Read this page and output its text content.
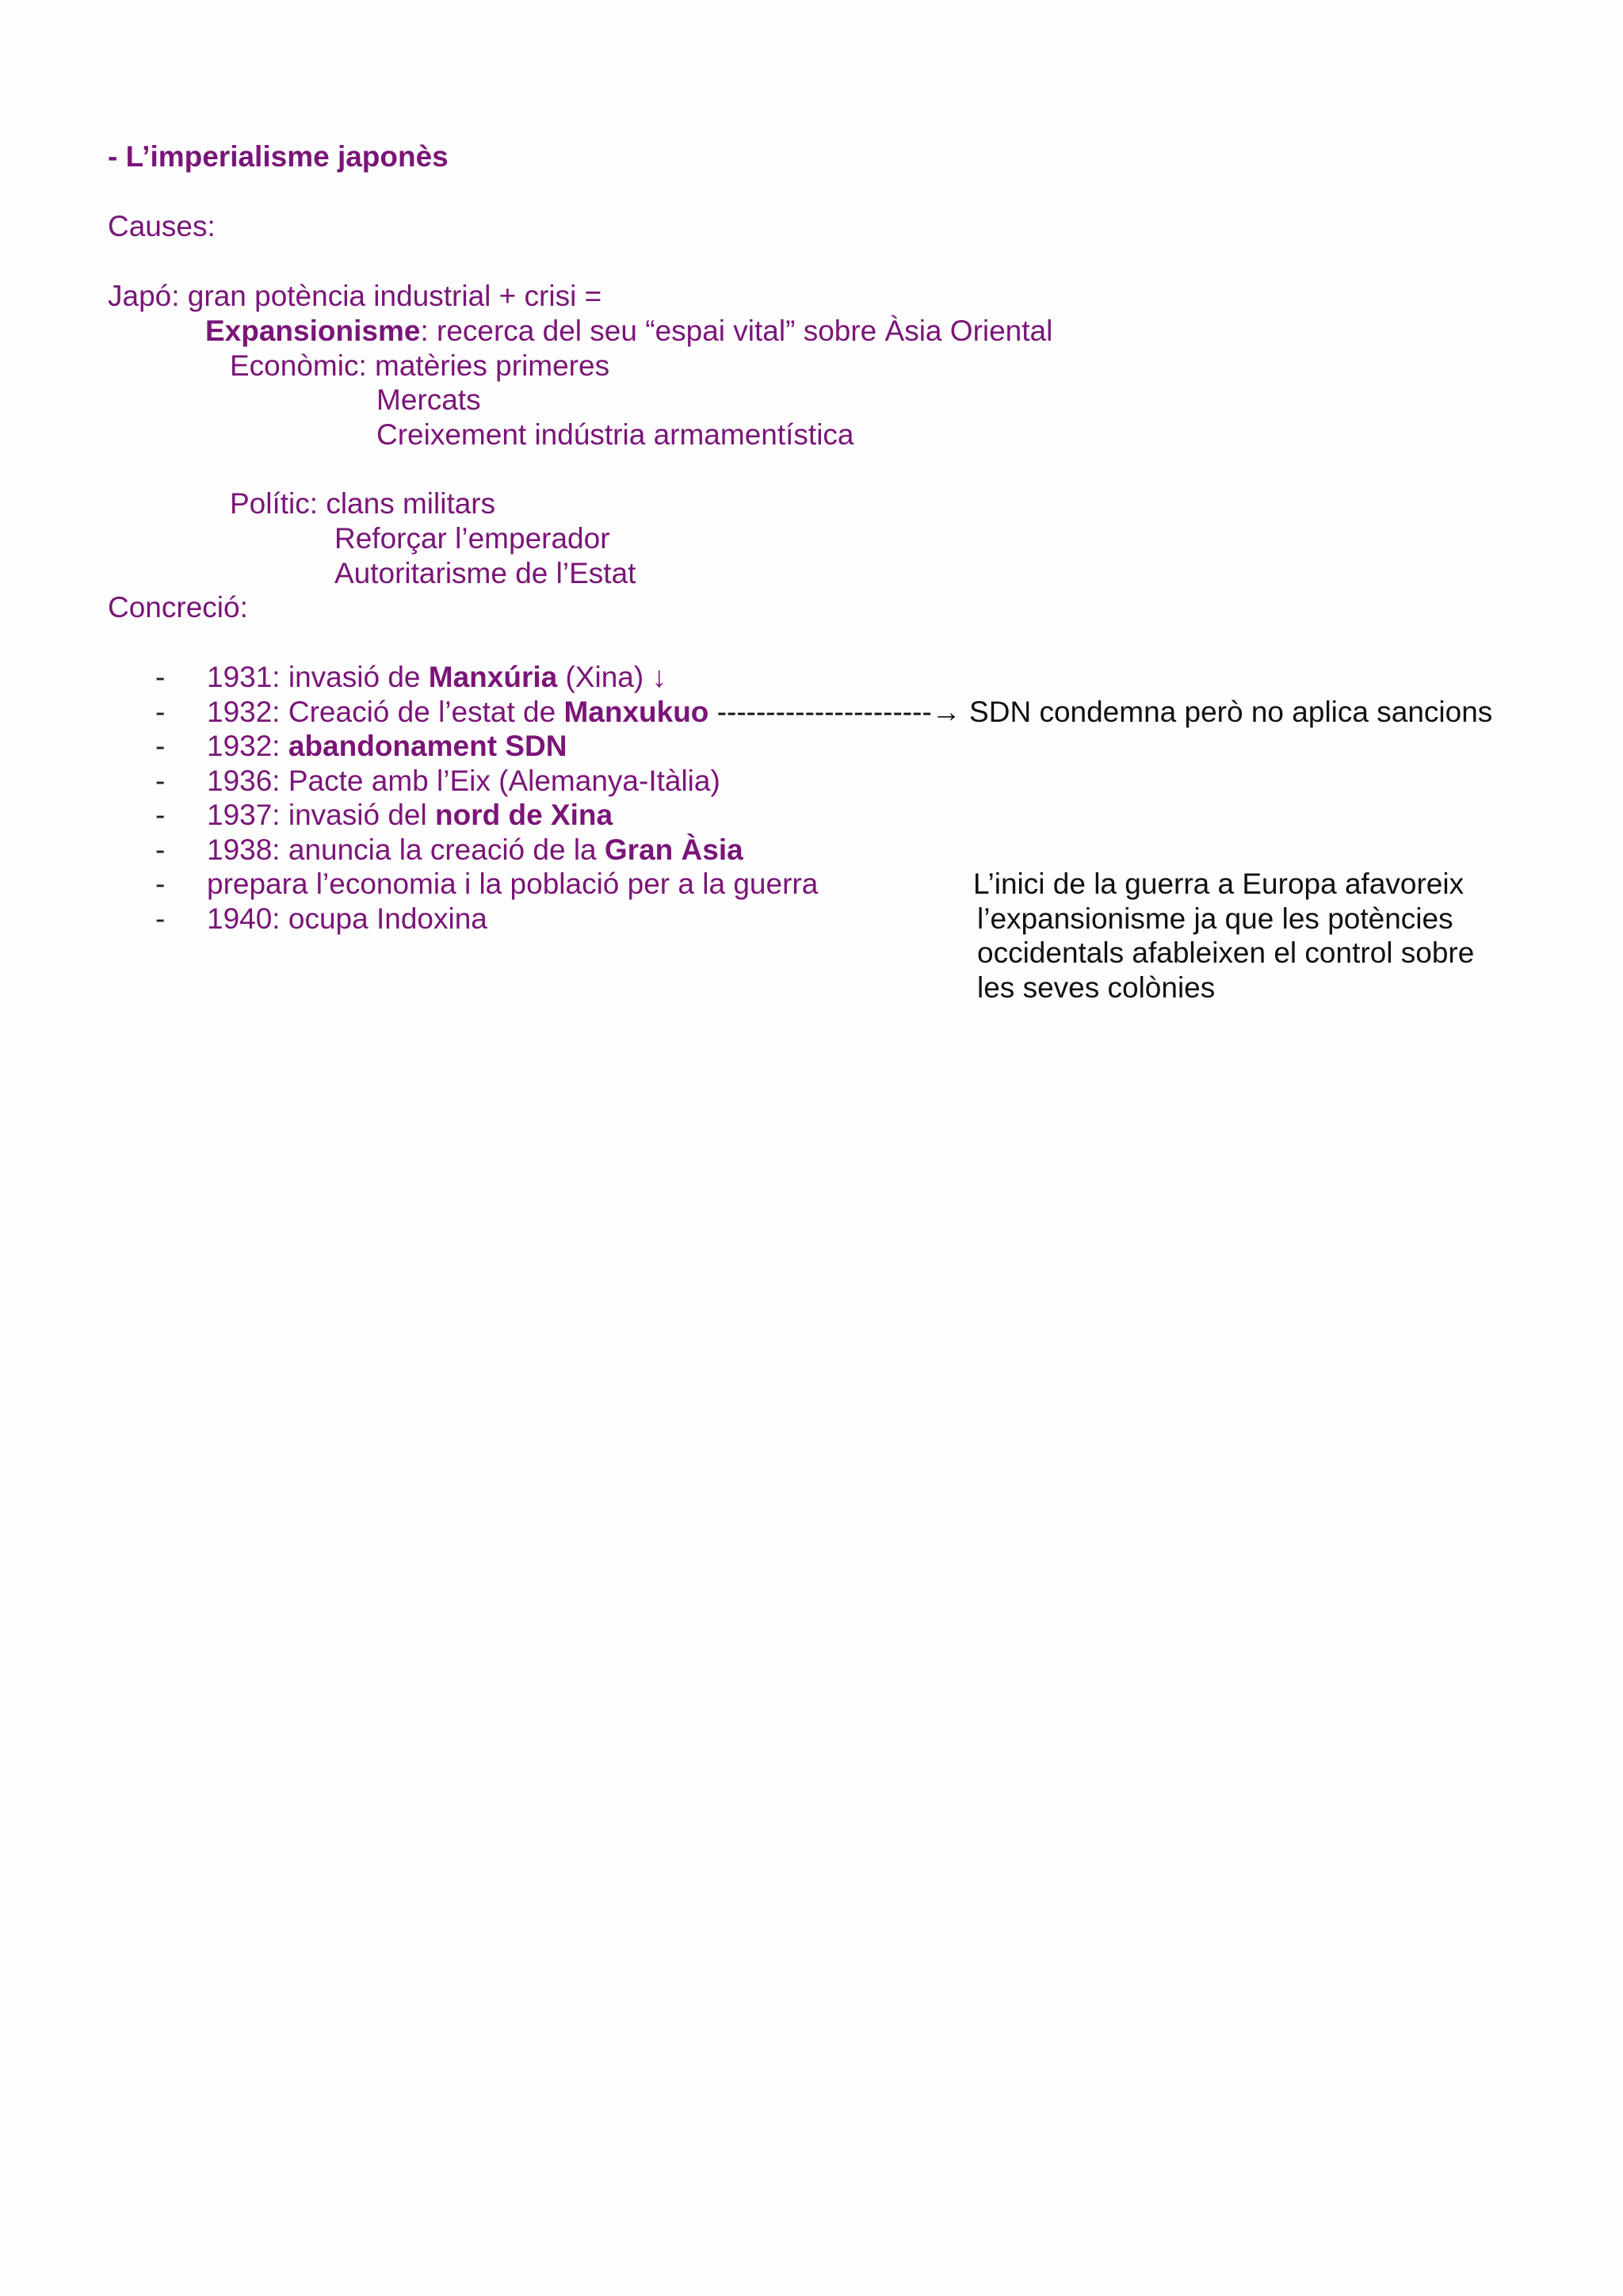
- L’imperialisme japonès
Causes:
Japó: gran potència industrial + crisi =
Expansionisme: recerca del seu “espai vital” sobre Àsia Oriental
Econòmic: matèries primeres
Mercats
Creixement indústria armamentística
Polític: clans militars
Reforçar l’emperador
Autoritarisme de l’Estat
Concreció:
- 1931: invasió de Manxúria (Xina) ↓
- 1932: Creació de l’estat de Manxukuo ----------------------→ SDN condemna però no aplica sancions
- 1932: abandonament SDN
- 1936: Pacte amb l’Eix (Alemanya-Itàlia)
- 1937: invasió del nord de Xina
- 1938: anuncia la creació de la Gran Àsia
- prepara l’economia i la població per a la guerra
- 1940: ocupa Indoxina
L’inici de la guerra a Europa afavoreix
l’expansionisme ja que les potències
occidentals afableixen el control sobre
les seves colònies
